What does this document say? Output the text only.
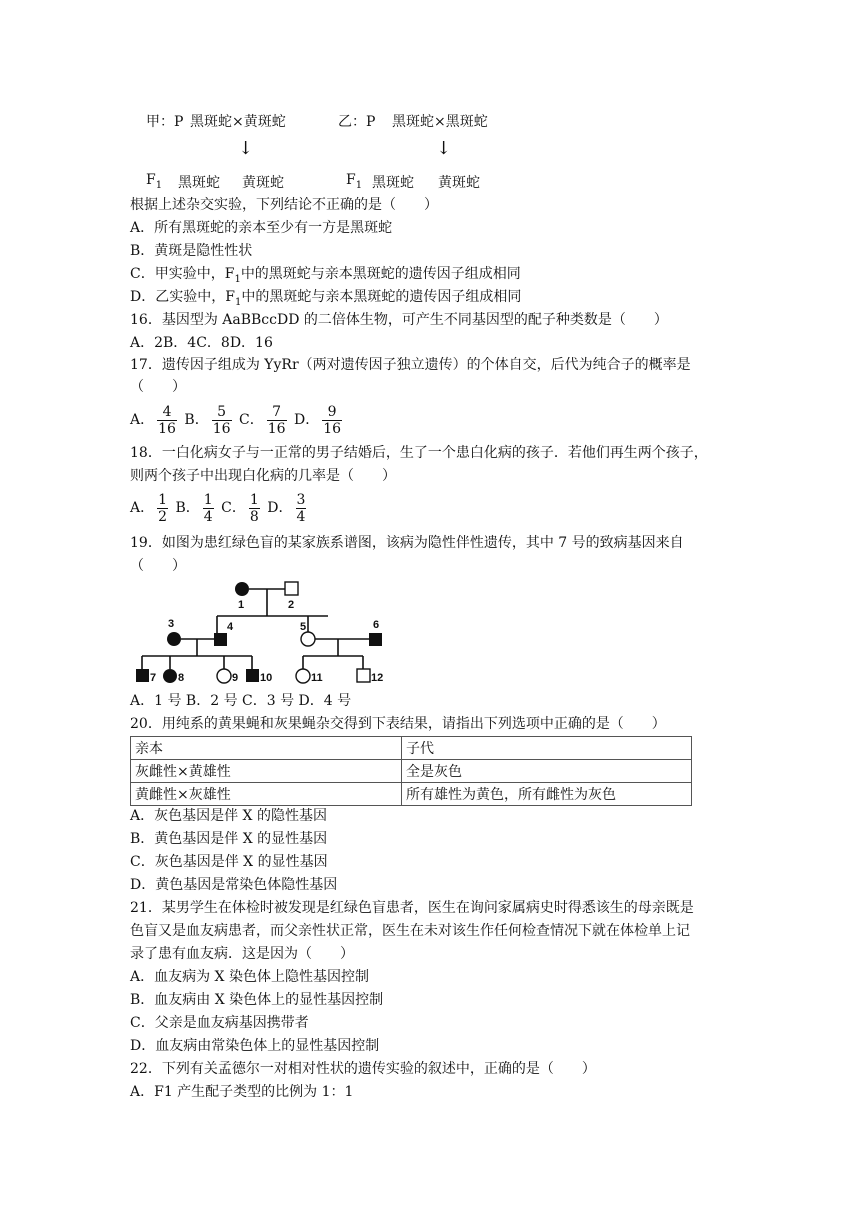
甲：P 黑斑蛇×黄斑蛇	乙：P 黑斑蛇×黑斑蛇
↓	↓
$F_1$ 黑斑蛇 黄斑蛇	$F_1$ 黑斑蛇 黄斑蛇
根据上述杂交实验，下列结论不正确的是（　　）
A．所有黑斑蛇的亲本至少有一方是黑斑蛇
B．黄斑是隐性性状
C．甲实验中，$F_1$中的黑斑蛇与亲本黑斑蛇的遗传因子组成相同
D．乙实验中，$F_1$中的黑斑蛇与亲本黑斑蛇的遗传因子组成相同
16．基因型为 AaBBccDD 的二倍体生物，可产生不同基因型的配子种类数是（　　）
A．2B．4C．8D．16
17．遗传因子组成为 YyRr（两对遗传因子独立遗传）的个体自交，后代为纯合子的概率是
（　　）
A． $\frac{4}{16}$ B． $\frac{5}{16}$ C． $\frac{7}{16}$ D． $\frac{9}{16}$
18．一白化病女子与一正常的男子结婚后，生了一个患白化病的孩子．若他们再生两个孩子，
则两个孩子中出现白化病的几率是（　　）
A． $\frac{1}{2}$ B． $\frac{1}{4}$ C． $\frac{1}{8}$ D． $\frac{3}{4}$
19．如图为患红绿色盲的某家族系谱图，该病为隐性伴性遗传，其中 7 号的致病基因来自
（　　）
1	2
3	4	5	6
7 8	9 10	11	12
A．1 号 B．2 号 C．3 号 D．4 号
20．用纯系的黄果蝇和灰果蝇杂交得到下表结果，请指出下列选项中正确的是（　　）
亲本	子代
灰雌性×黄雄性	全是灰色
黄雌性×灰雄性	所有雄性为黄色，所有雌性为灰色
A．灰色基因是伴 X 的隐性基因
B．黄色基因是伴 X 的显性基因
C．灰色基因是伴 X 的显性基因
D．黄色基因是常染色体隐性基因
21．某男学生在体检时被发现是红绿色盲患者，医生在询问家属病史时得悉该生的母亲既是
色盲又是血友病患者，而父亲性状正常，医生在未对该生作任何检查情况下就在体检单上记
录了患有血友病．这是因为（　　）
A．血友病为 X 染色体上隐性基因控制
B．血友病由 X 染色体上的显性基因控制
C．父亲是血友病基因携带者
D．血友病由常染色体上的显性基因控制
22．下列有关孟德尔一对相对性状的遗传实验的叙述中，正确的是（　　）
A．F1 产生配子类型的比例为 1：1
